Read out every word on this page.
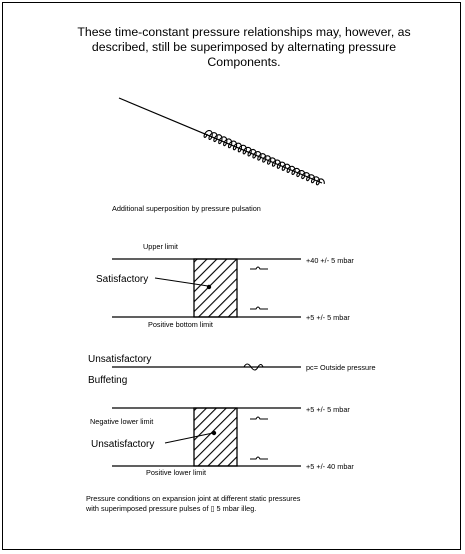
These time-constant pressure relationships may, however, as described, still be superimposed by alternating pressure Components.

Additional superposition by pressure pulsation
Upper limit
Satisfactory
Positive bottom limit
+40 +/- 5 mbar
+5 +/- 5 mbar
Unsatisfactory
Buffeting
pc= Outside pressure
Negative lower limit
Unsatisfactory
Positive lower limit
+5 +/- 5 mbar
+5 +/- 40 mbar
Pressure conditions on expansion joint at different static pressures
with superimposed pressure pulses of ▯ 5 mbar illeg.
